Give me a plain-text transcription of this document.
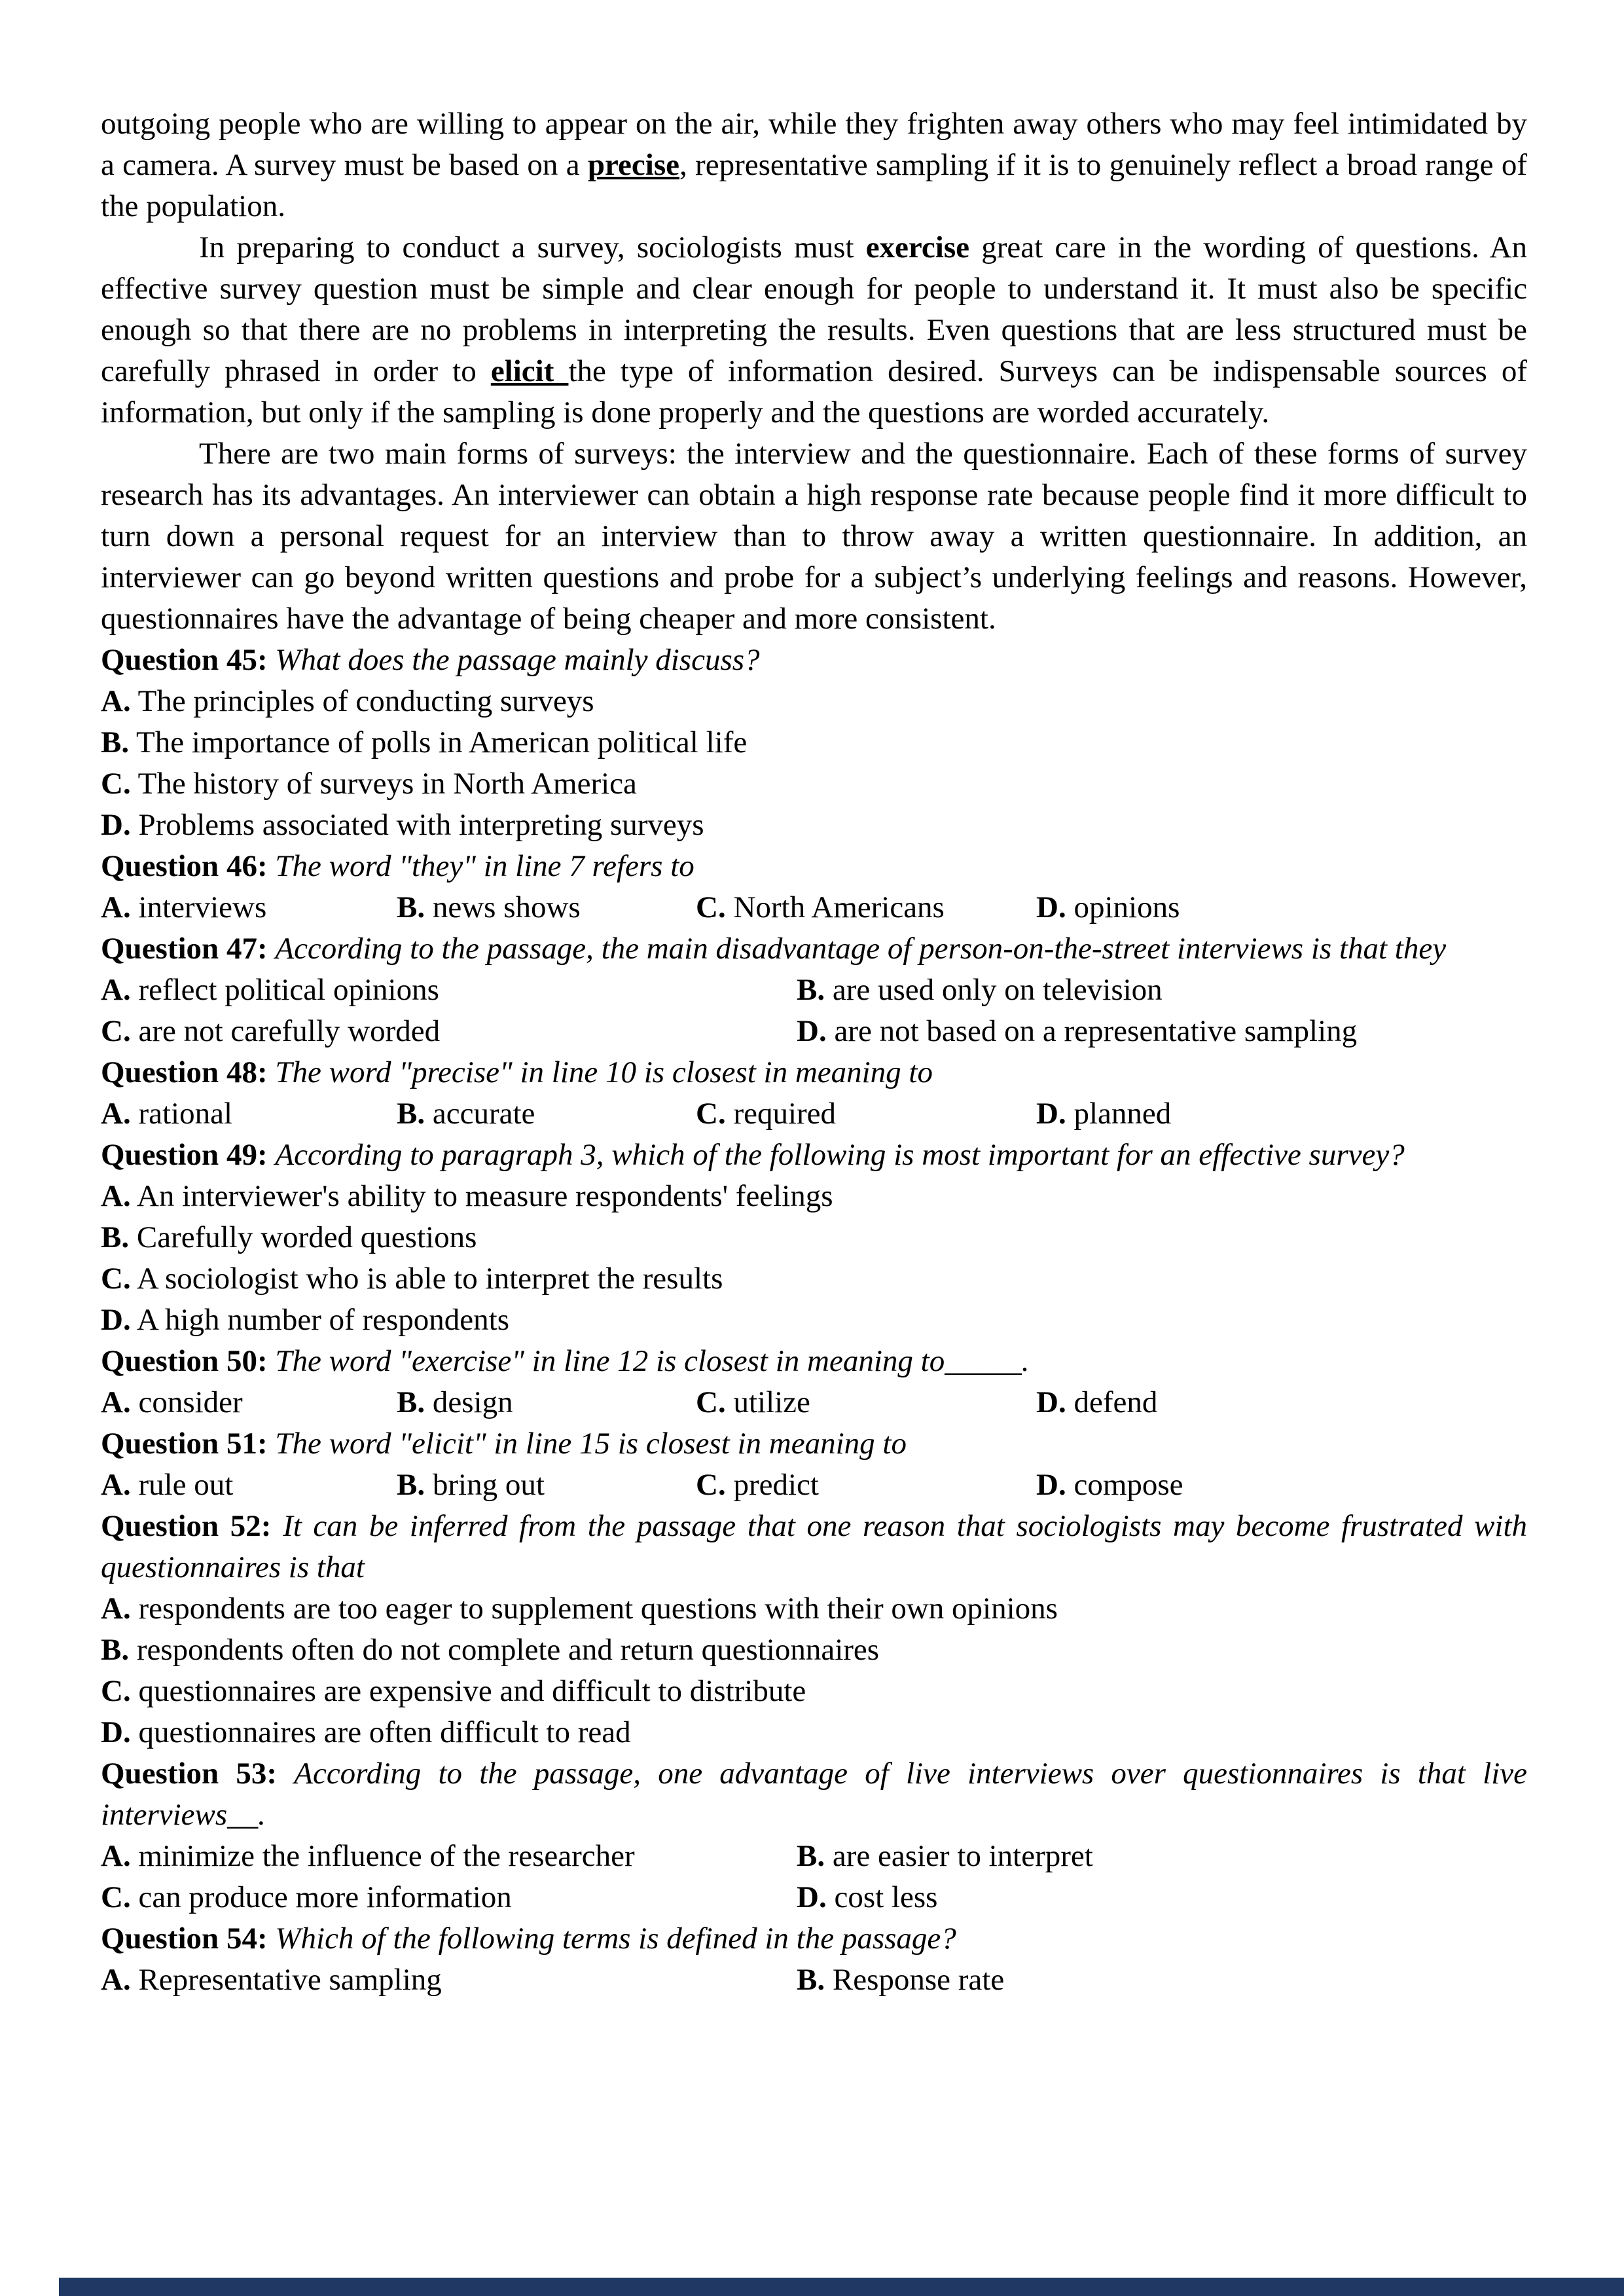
outgoing people who are willing to appear on the air, while they frighten away others who may feel intimidated by a camera. A survey must be based on a precise, representative sampling if it is to genuinely reflect a broad range of the population.

In preparing to conduct a survey, sociologists must exercise great care in the wording of questions. An effective survey question must be simple and clear enough for people to understand it. It must also be specific enough so that there are no problems in interpreting the results. Even questions that are less structured must be carefully phrased in order to elicit the type of information desired. Surveys can be indispensable sources of information, but only if the sampling is done properly and the questions are worded accurately.

There are two main forms of surveys: the interview and the questionnaire. Each of these forms of survey research has its advantages. An interviewer can obtain a high response rate because people find it more difficult to turn down a personal request for an interview than to throw away a written questionnaire. In addition, an interviewer can go beyond written questions and probe for a subject’s underlying feelings and reasons. However, questionnaires have the advantage of being cheaper and more consistent.

Question 45: What does the passage mainly discuss?
A. The principles of conducting surveys
B. The importance of polls in American political life
C. The history of surveys in North America
D. Problems associated with interpreting surveys
Question 46: The word "they" in line 7 refers to
A. interviews	B. news shows	C. North Americans	D. opinions
Question 47: According to the passage, the main disadvantage of person-on-the-street interviews is that they
A. reflect political opinions	B. are used only on television
C. are not carefully worded	D. are not based on a representative sampling
Question 48: The word "precise" in line 10 is closest in meaning to
A. rational	B. accurate	C. required	D. planned
Question 49: According to paragraph 3, which of the following is most important for an effective survey?
A. An interviewer's ability to measure respondents' feelings
B. Carefully worded questions
C. A sociologist who is able to interpret the results
D. A high number of respondents
Question 50: The word "exercise" in line 12 is closest in meaning to_____.
A. consider	B. design	C. utilize	D. defend
Question 51: The word "elicit" in line 15 is closest in meaning to
A. rule out	B. bring out	C. predict	D. compose
Question 52: It can be inferred from the passage that one reason that sociologists may become frustrated with questionnaires is that
A. respondents are too eager to supplement questions with their own opinions
B. respondents often do not complete and return questionnaires
C. questionnaires are expensive and difficult to distribute
D. questionnaires are often difficult to read
Question 53: According to the passage, one advantage of live interviews over questionnaires is that live interviews__.
A. minimize the influence of the researcher	B. are easier to interpret
C. can produce more information	D. cost less
Question 54: Which of the following terms is defined in the passage?
A. Representative sampling	B. Response rate
